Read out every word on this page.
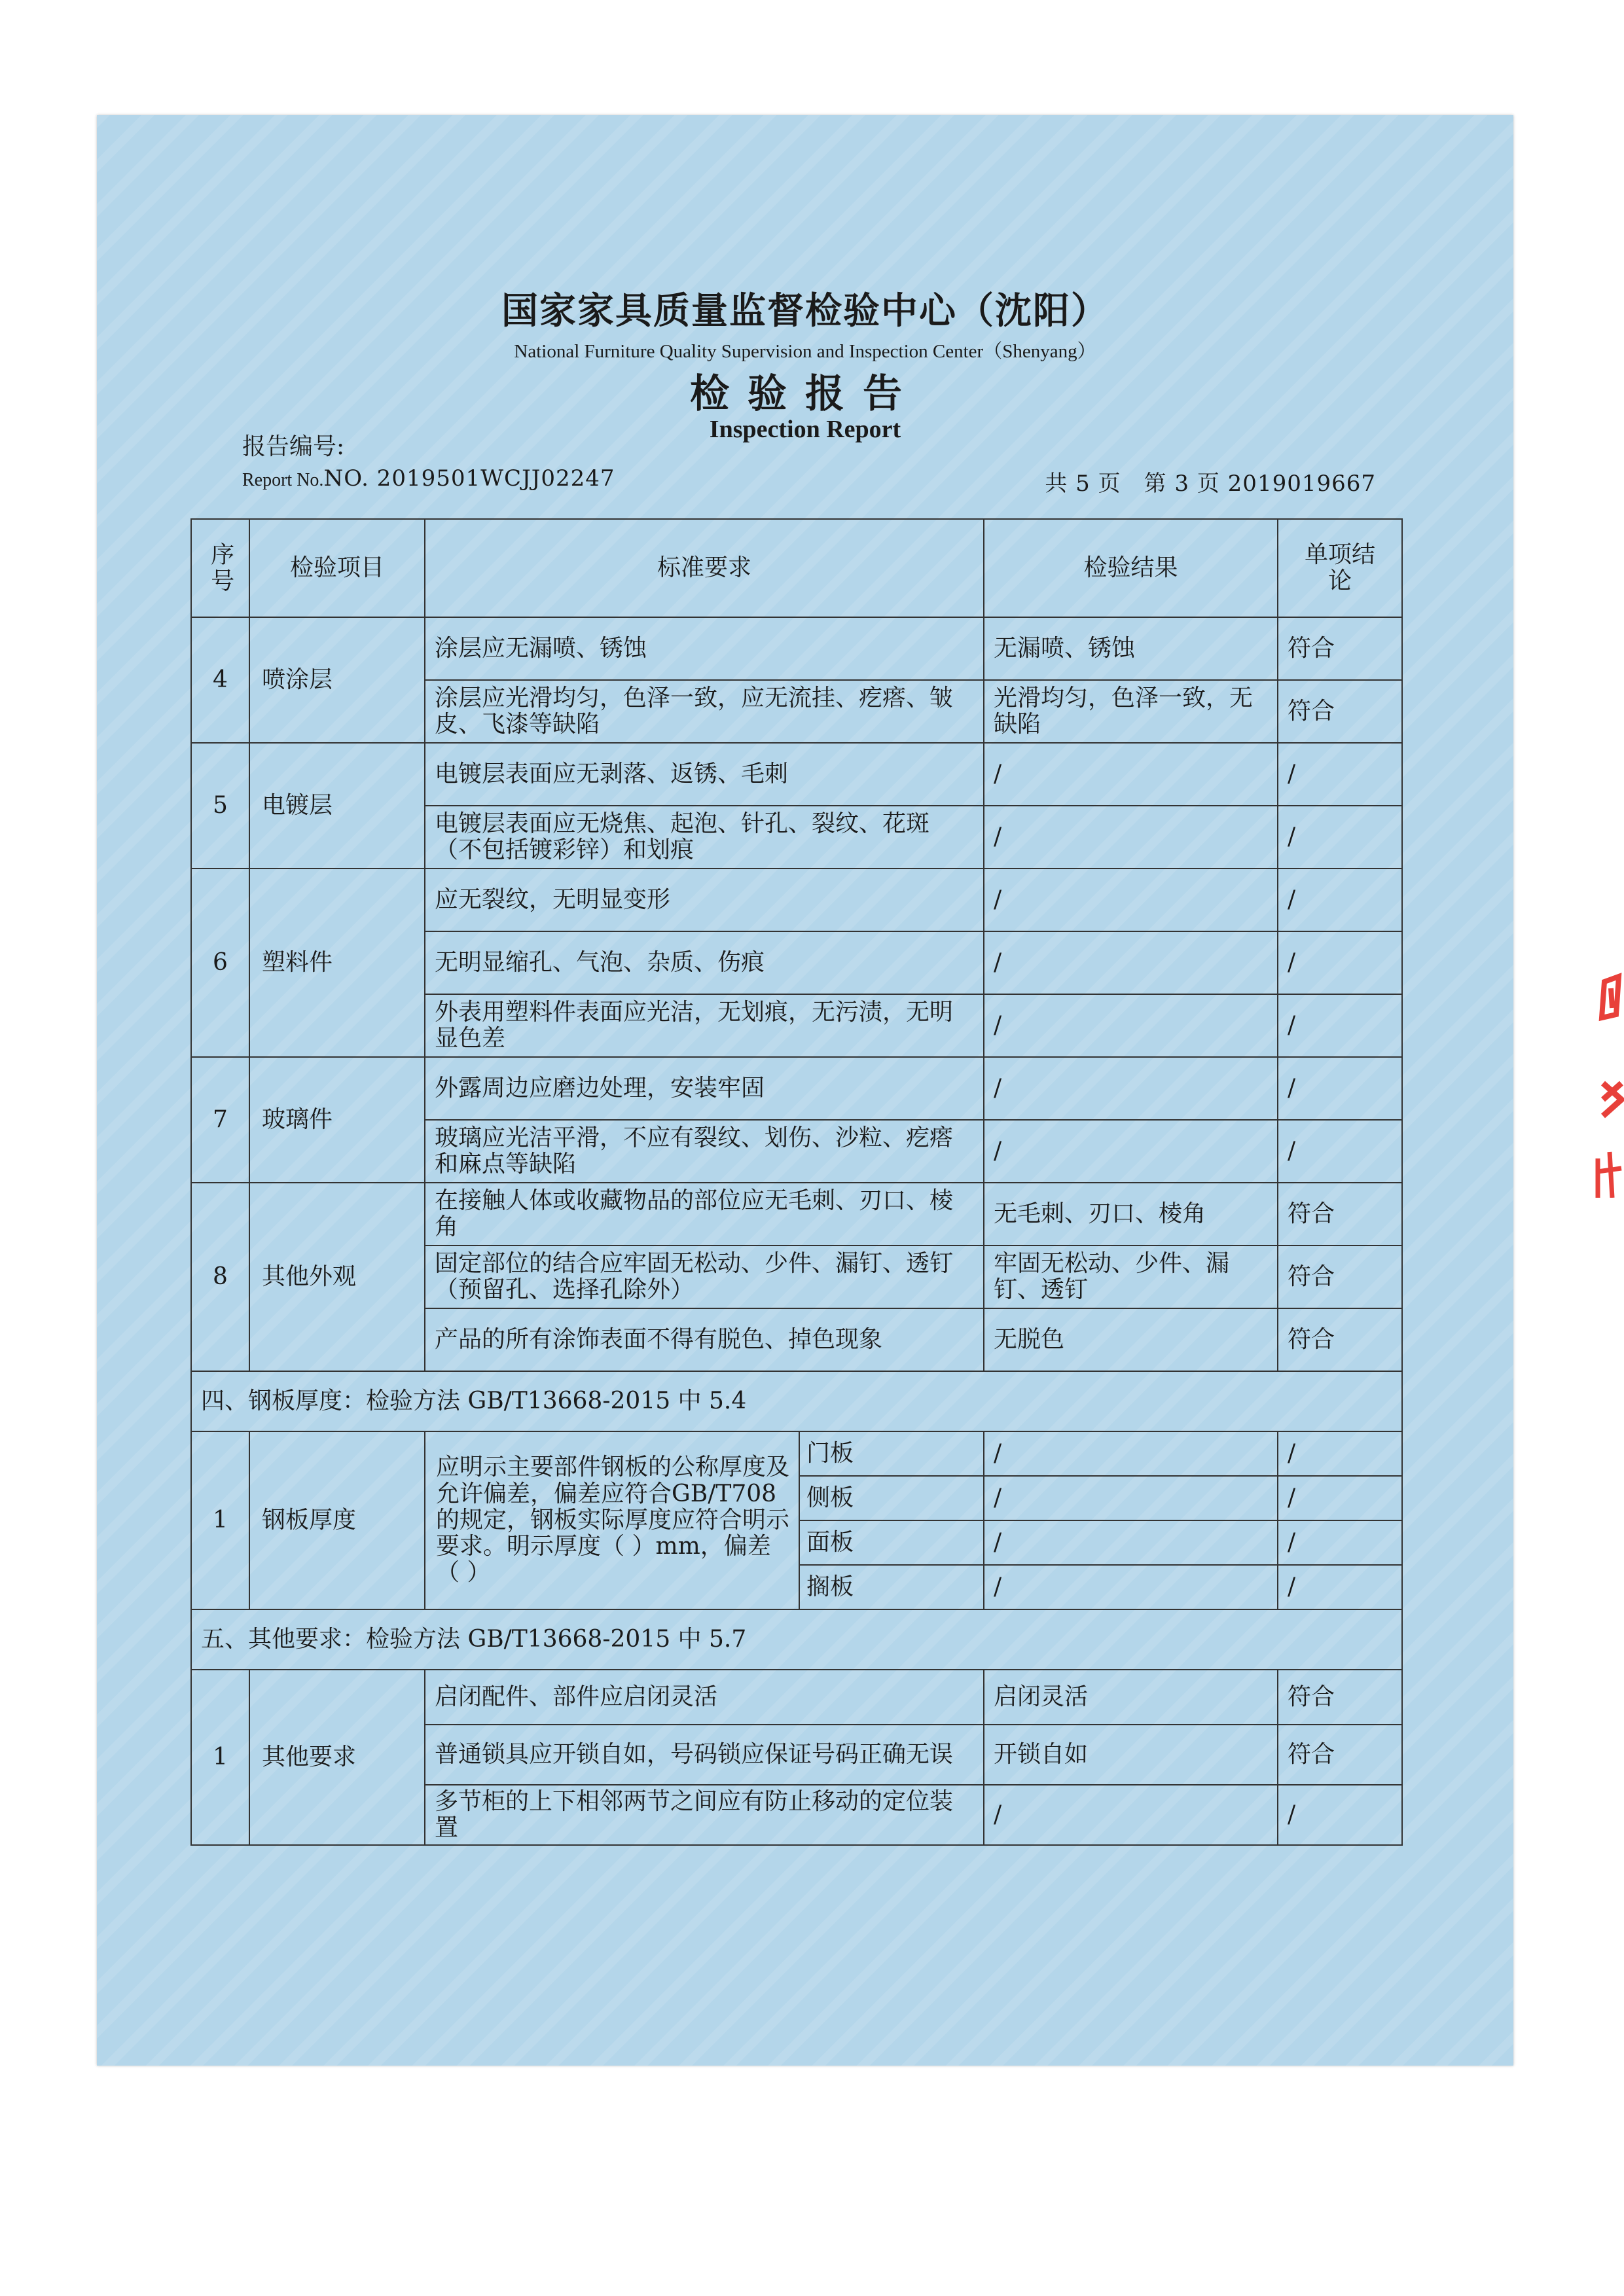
国家家具质量监督检验中心（沈阳）
National Furniture Quality Supervision and Inspection Center（Shenyang）
检验报告
Inspection Report
报告编号:
Report No.NO. 2019501WCJJ02247	共 5 页　第 3 页 2019019667
序号	检验项目	标准要求		检验结果	单项结论
4	喷涂层	涂层应无漏喷、锈蚀		无漏喷、锈蚀	符合
		涂层应光滑均匀，色泽一致，应无流挂、疙瘩、皱皮、飞漆等缺陷		光滑均匀，色泽一致，无缺陷	符合
5	电镀层	电镀层表面应无剥落、返锈、毛刺		/	/
		电镀层表面应无烧焦、起泡、针孔、裂纹、花斑（不包括镀彩锌）和划痕		/	/
6	塑料件	应无裂纹，无明显变形		/	/
		无明显缩孔、气泡、杂质、伤痕		/	/
		外表用塑料件表面应光洁，无划痕，无污渍，无明显色差		/	/
7	玻璃件	外露周边应磨边处理，安装牢固		/	/
		玻璃应光洁平滑，不应有裂纹、划伤、沙粒、疙瘩和麻点等缺陷		/	/
8	其他外观	在接触人体或收藏物品的部位应无毛刺、刃口、棱角		无毛刺、刃口、棱角	符合
		固定部位的结合应牢固无松动、少件、漏钉、透钉（预留孔、选择孔除外）		牢固无松动、少件、漏钉、透钉	符合
		产品的所有涂饰表面不得有脱色、掉色现象		无脱色	符合
四、钢板厚度：检验方法 GB/T13668-2015 中 5.4					
1	钢板厚度	应明示主要部件钢板的公称厚度及允许偏差，偏差应符合GB/T708 的规定，钢板实际厚度应符合明示要求。明示厚度（ ）mm，偏差（ ）	门板	/	/
			侧板	/	/
			面板	/	/
			搁板	/	/
五、其他要求：检验方法 GB/T13668-2015 中 5.7					
1	其他要求	启闭配件、部件应启闭灵活		启闭灵活	符合
		普通锁具应开锁自如，号码锁应保证号码正确无误		开锁自如	符合
		多节柜的上下相邻两节之间应有防止移动的定位装置		/	/
